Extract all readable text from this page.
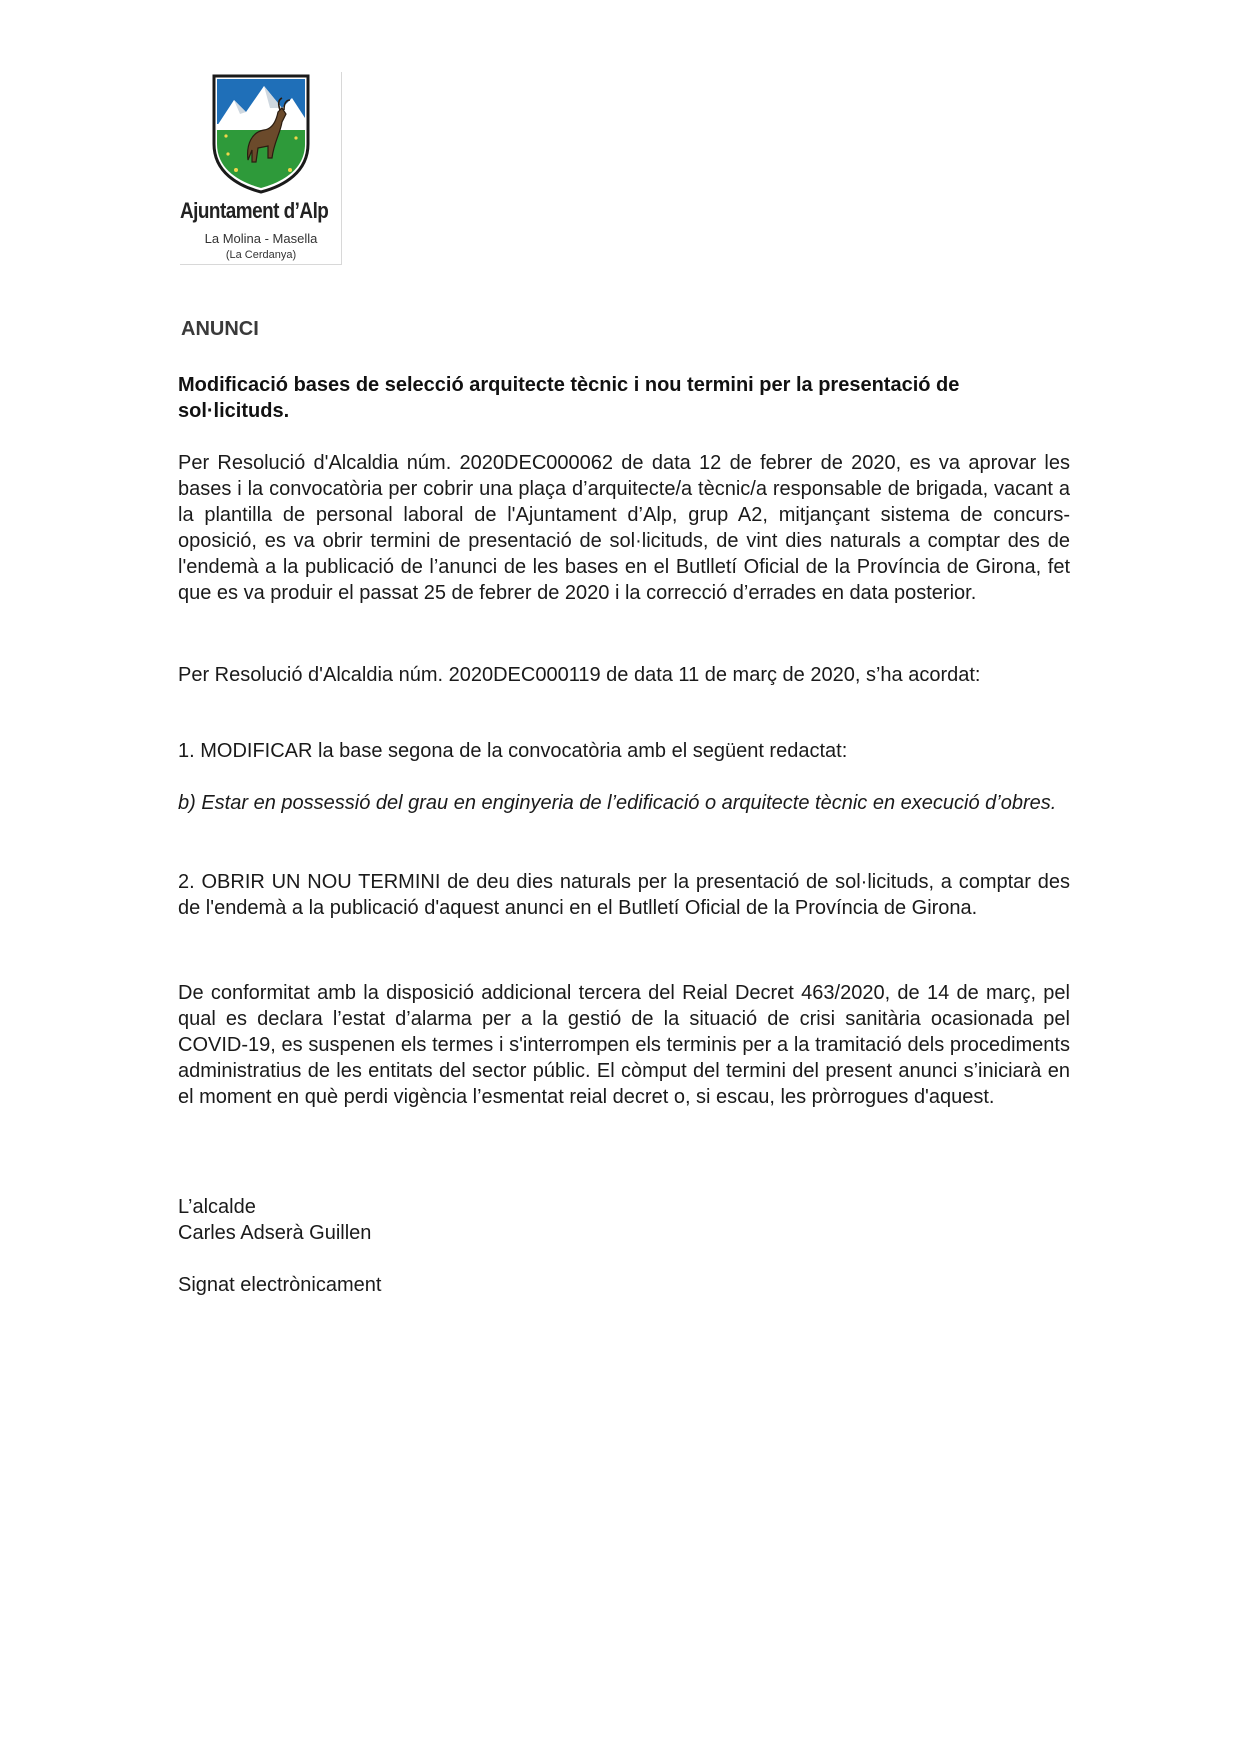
Ajuntament d’Alp
La Molina - Masella
(La Cerdanya)
ANUNCI
Modificació bases de selecció arquitecte tècnic i nou termini per la presentació de sol·licituds.
Per Resolució d'Alcaldia núm. 2020DEC000062 de data 12 de febrer de 2020, es va aprovar les bases i la convocatòria per cobrir una plaça d’arquitecte/a tècnic/a responsable de brigada, vacant a la plantilla de personal laboral de l'Ajuntament d’Alp, grup A2, mitjançant sistema de concurs-oposició, es va obrir termini de presentació de sol·licituds, de vint dies naturals a comptar des de l'endemà a la publicació de l’anunci de les bases en el Butlletí Oficial de la Província de Girona, fet que es va produir el passat 25 de febrer de 2020 i la correcció d’errades en data posterior.
Per Resolució d'Alcaldia núm. 2020DEC000119 de data 11 de març de 2020, s’ha acordat:
1. MODIFICAR la base segona de la convocatòria amb el següent redactat:
b) Estar en possessió del grau en enginyeria de l’edificació o arquitecte tècnic en execució d’obres.
2. OBRIR UN NOU TERMINI de deu dies naturals per la presentació de sol·licituds, a comptar des de l'endemà a la publicació d'aquest anunci en el Butlletí Oficial de la Província de Girona.
De conformitat amb la disposició addicional tercera del Reial Decret 463/2020, de 14 de març, pel qual es declara l’estat d’alarma per a la gestió de la situació de crisi sanitària ocasionada pel COVID-19, es suspenen els termes i s'interrompen els terminis per a la tramitació dels procediments administratius de les entitats del sector públic. El còmput del termini del present anunci s’iniciarà en el moment en què perdi vigència l’esmentat reial decret o, si escau, les pròrrogues d'aquest.
L’alcalde
Carles Adserà Guillen
Signat electrònicament
